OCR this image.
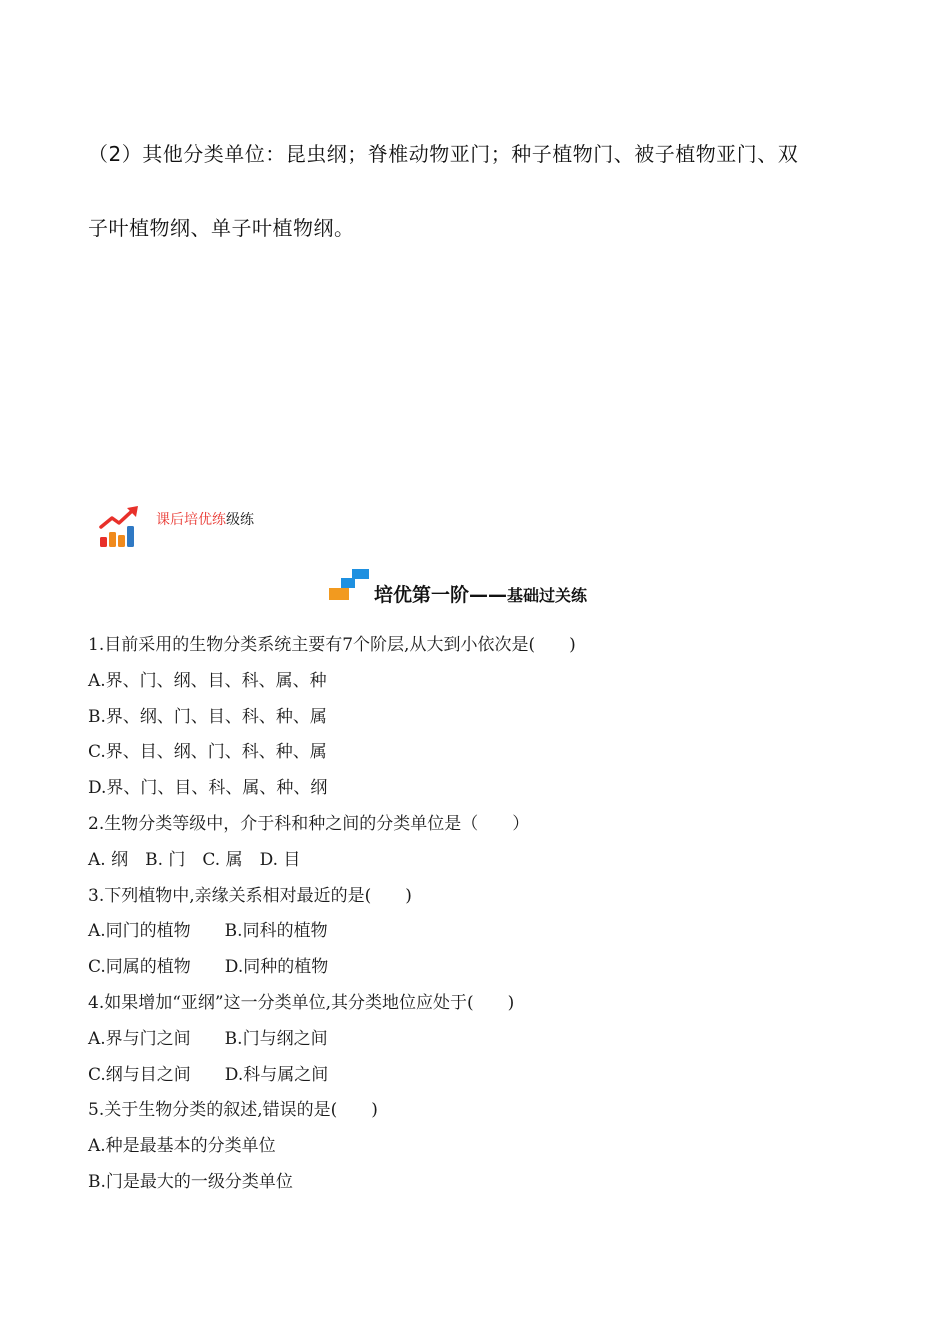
（2）其他分类单位：昆虫纲；脊椎动物亚门；种子植物门、被子植物亚门、双
子叶植物纲、单子叶植物纲。
课后培优练级练
培优第一阶——基础过关练
1.目前采用的生物分类系统主要有7个阶层,从大到小依次是(　　)
A.界、门、纲、目、科、属、种
B.界、纲、门、目、科、种、属
C.界、目、纲、门、科、种、属
D.界、门、目、科、属、种、纲
2.生物分类等级中，介于科和种之间的分类单位是（　　）
A. 纲　B. 门　C. 属　D. 目
3.下列植物中,亲缘关系相对最近的是(　　)
A.同门的植物　　B.同科的植物
C.同属的植物　　D.同种的植物
4.如果增加“亚纲”这一分类单位,其分类地位应处于(　　)
A.界与门之间　　B.门与纲之间
C.纲与目之间　　D.科与属之间
5.关于生物分类的叙述,错误的是(　　)
A.种是最基本的分类单位
B.门是最大的一级分类单位
